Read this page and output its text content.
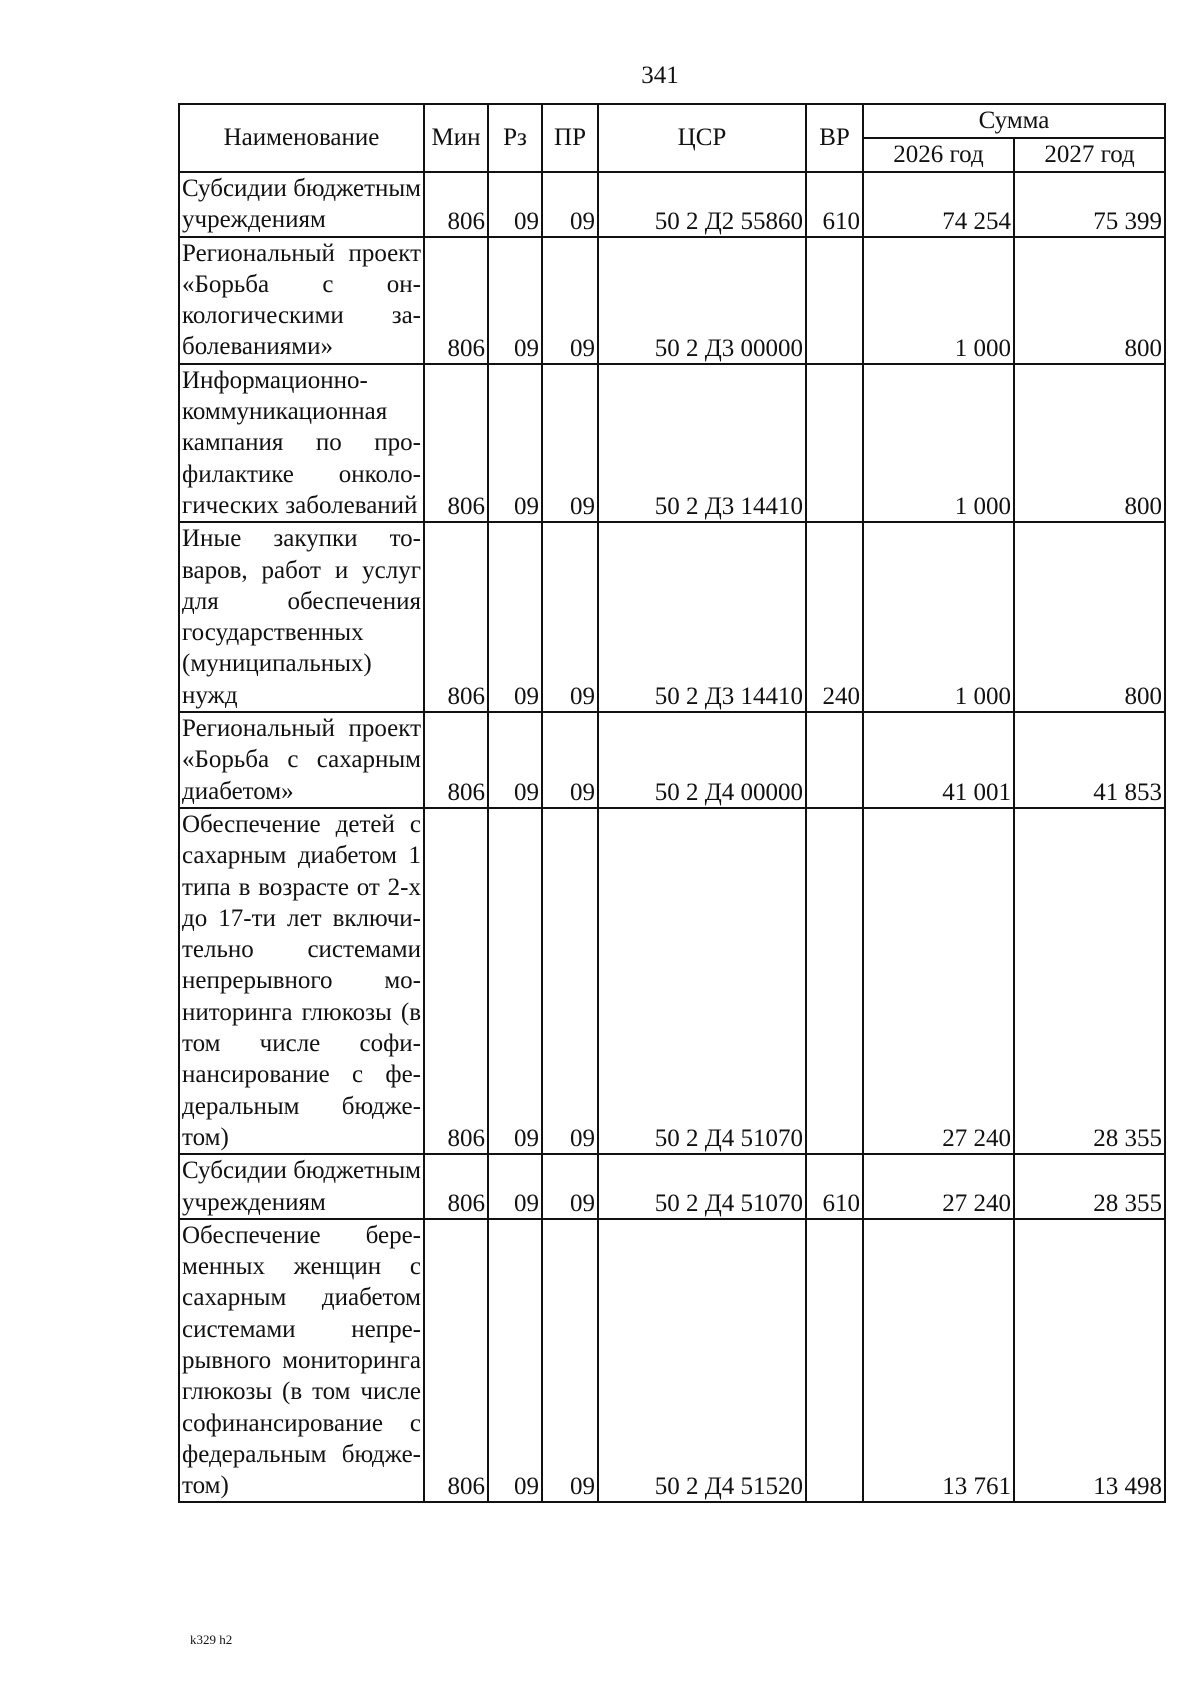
341
Наименование	Мин	Рз	ПР	ЦСР	ВР	Сумма	
						2026 год	2027 год
Субсидии бюджетным учреждениям	806	09	09	50 2 Д2 55860	610	74 254	75 399
Региональный проект «Борьба с онкологическими заболеваниями»	806	09	09	50 2 Д3 00000		1 000	800
Информационно-коммуникационная кампания по профилактике онкологических заболеваний	806	09	09	50 2 Д3 14410		1 000	800
Иные закупки товаров, работ и услуг для обеспечения государственных (муниципальных) нужд	806	09	09	50 2 Д3 14410	240	1 000	800
Региональный проект «Борьба с сахарным диабетом»	806	09	09	50 2 Д4 00000		41 001	41 853
Обеспечение детей с сахарным диабетом 1 типа в возрасте от 2-х до 17-ти лет включительно системами непрерывного мониторинга глюкозы (в том числе софинансирование с федеральным бюджетом)	806	09	09	50 2 Д4 51070		27 240	28 355
Субсидии бюджетным учреждениям	806	09	09	50 2 Д4 51070	610	27 240	28 355
Обеспечение беременных женщин с сахарным диабетом системами непрерывного мониторинга глюкозы (в том числе софинансирование с федеральным бюджетом)	806	09	09	50 2 Д4 51520		13 761	13 498
k329 h2
